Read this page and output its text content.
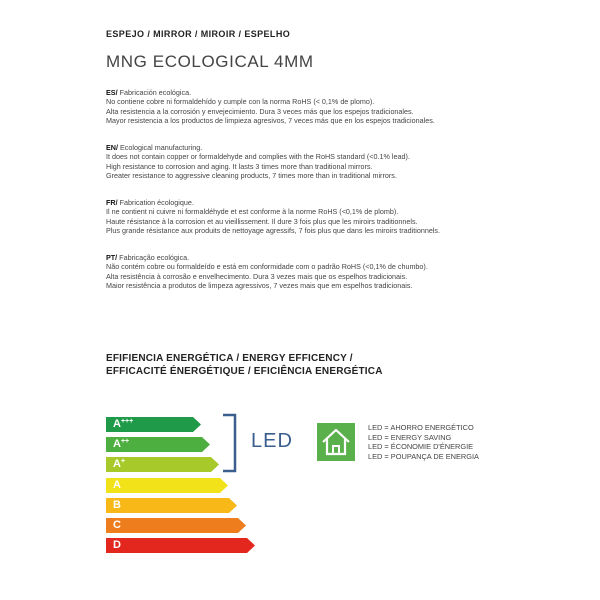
ESPEJO / MIRROR / MIROIR / ESPELHO
MNG ECOLOGICAL 4MM

ES/ Fabricación ecológica.

No contiene cobre ni formaldehído y cumple con la norma RoHS (< 0,1% de plomo).

Alta resistencia a la corrosión y envejecimiento. Dura 3 veces más que los espejos tradicionales.

Mayor resistencia a los productos de limpieza agresivos, 7 veces más que en los espejos tradicionales.

EN/ Ecological manufacturing.

It does not contain copper or formaldehyde and complies with the RoHS standard (<0.1% lead).

High resistance to corrosion and aging. It lasts 3 times more than traditional mirrors.

Greater resistance to aggressive cleaning products, 7 times more than in traditional mirrors.

FR/ Fabrication écologique.

Il ne contient ni cuivre ni formaldéhyde et est conforme à la norme RoHS (<0,1% de plomb).

Haute résistance à la corrosion et au vieillissement. Il dure 3 fois plus que les miroirs traditionnels.

Plus grande résistance aux produits de nettoyage agressifs, 7 fois plus que dans les miroirs traditionnels.

PT/ Fabricação ecológica.

Não contém cobre ou formaldeído e está em conformidade com o padrão RoHS (<0,1% de chumbo).

Alta resistência à corrosão e envelhecimento. Dura 3 vezes mais que os espelhos tradicionais.

Maior resistência a produtos de limpeza agressivos, 7 vezes mais que em espelhos tradicionais.

EFIFIENCIA ENERGÉTICA / ENERGY EFFICENCY /

EFFICACITÉ ÉNERGÉTIQUE / EFICIÊNCIA ENERGÉTICA

A+++
A++
A+
A
B
C
D
LED

LED = AHORRO ENERGÉTICO

LED = ENERGY SAVING

LED = ÉCONOMIE D'ÉNERGIE

LED = POUPANÇA DE ENERGIA
